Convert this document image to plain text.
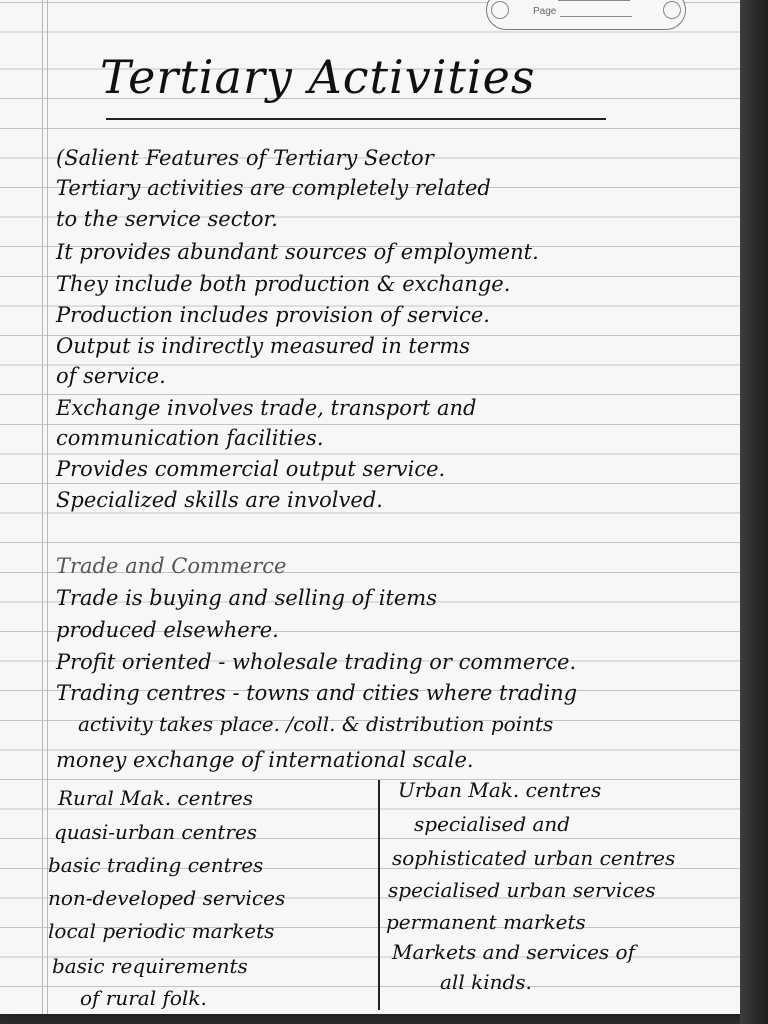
Page
Tertiary Activities
(Salient Features of Tertiary Sector
Tertiary activities are completely related
to the service sector.
It provides abundant sources of employment.
They include both production & exchange.
Production includes provision of service.
Output is indirectly measured in terms
of service.
Exchange involves trade, transport and
communication facilities.
Provides commercial output service.
Specialized skills are involved.
Trade and Commerce
Trade is buying and selling of items
produced elsewhere.
Profit oriented - wholesale trading or commerce.
Trading centres - towns and cities where trading
activity takes place. /coll. & distribution points
money exchange of international scale.
Rural Mak. centres
quasi-urban centres
basic trading centres
non-developed services
local periodic markets
basic requirements
of rural folk.
Urban Mak. centres
specialised and
sophisticated urban centres
specialised urban services
permanent markets
Markets and services of
all kinds.
